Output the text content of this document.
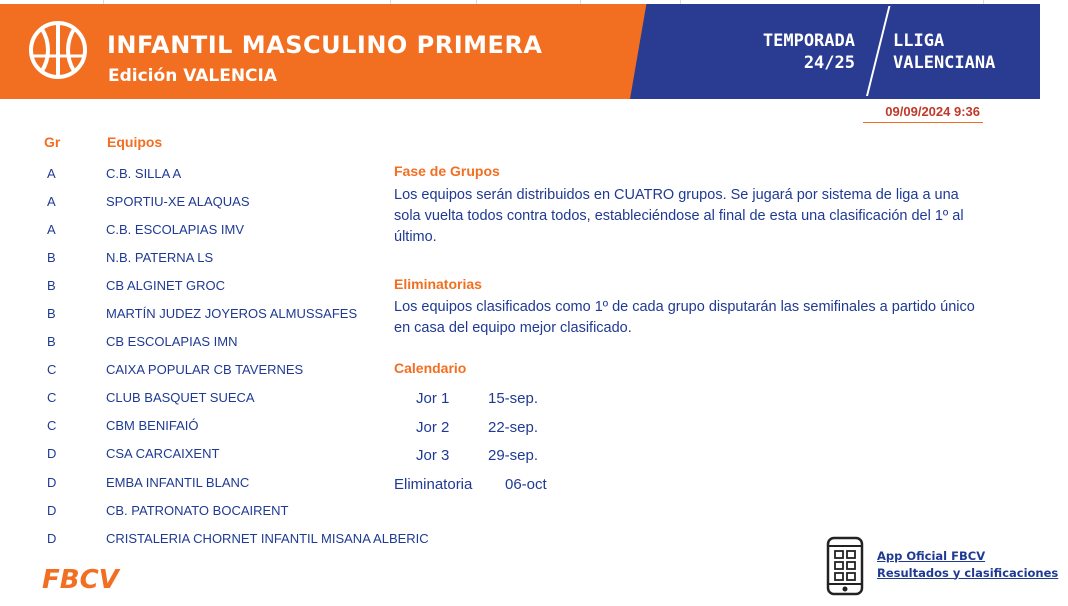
INFANTIL MASCULINO PRIMERA
Edición VALENCIA
TEMPORADA
24/25
LLIGA
VALENCIANA
09/09/2024 9:36
Gr	Equipos
A	C.B. SILLA A
A	SPORTIU-XE ALAQUAS
A	C.B. ESCOLAPIAS IMV
B	N.B. PATERNA LS
B	CB ALGINET GROC
B	MARTÍN JUDEZ JOYEROS ALMUSSAFES
B	CB ESCOLAPIAS IMN
C	CAIXA POPULAR CB TAVERNES
C	CLUB BASQUET SUECA
C	CBM BENIFAIÓ
D	CSA CARCAIXENT
D	EMBA INFANTIL BLANC
D	CB. PATRONATO BOCAIRENT
D	CRISTALERIA CHORNET INFANTIL MISANA ALBERIC
Fase de Grupos
Los equipos serán distribuidos en CUATRO grupos. Se jugará por sistema de liga a una sola vuelta todos contra todos, estableciéndose al final de esta una clasificación del 1º al último.
Eliminatorias
Los equipos clasificados como 1º de cada grupo disputarán las semifinales a partido único en casa del equipo mejor clasificado.
Calendario
Jor 1	15-sep.
Jor 2	22-sep.
Jor 3	29-sep.
Eliminatoria	06-oct
FBCV
App Oficial FBCV
Resultados y clasificaciones
